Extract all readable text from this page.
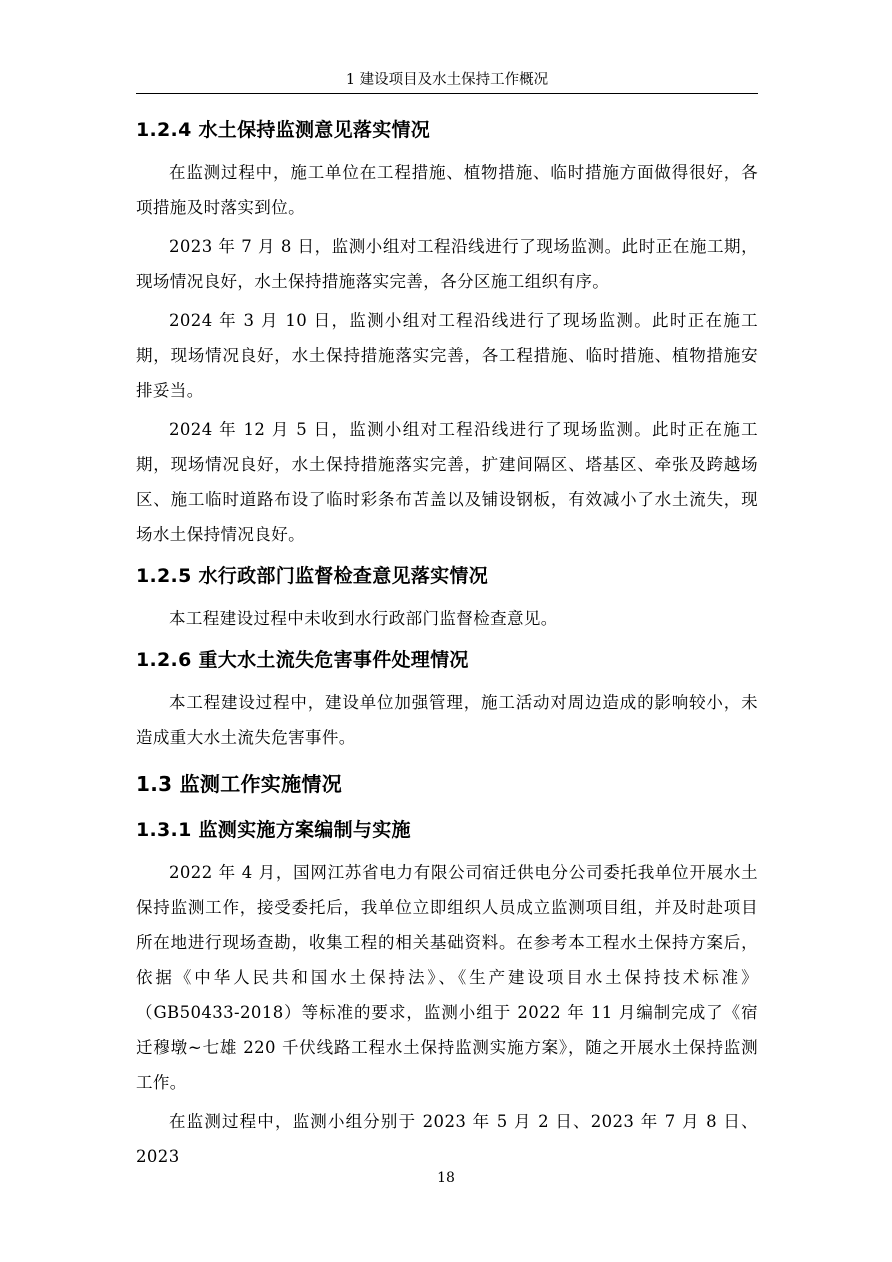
1 建设项目及水土保持工作概况
1.2.4 水土保持监测意见落实情况

在监测过程中，施工单位在工程措施、植物措施、临时措施方面做得很好，各项措施及时落实到位。

2023 年 7 月 8 日，监测小组对工程沿线进行了现场监测。此时正在施工期，现场情况良好，水土保持措施落实完善，各分区施工组织有序。

2024 年 3 月 10 日，监测小组对工程沿线进行了现场监测。此时正在施工期，现场情况良好，水土保持措施落实完善，各工程措施、临时措施、植物措施安排妥当。

2024 年 12 月 5 日，监测小组对工程沿线进行了现场监测。此时正在施工期，现场情况良好，水土保持措施落实完善，扩建间隔区、塔基区、牵张及跨越场区、施工临时道路布设了临时彩条布苫盖以及铺设钢板，有效减小了水土流失，现场水土保持情况良好。

1.2.5 水行政部门监督检查意见落实情况

本工程建设过程中未收到水行政部门监督检查意见。

1.2.6 重大水土流失危害事件处理情况

本工程建设过程中，建设单位加强管理，施工活动对周边造成的影响较小，未造成重大水土流失危害事件。

1.3 监测工作实施情况
1.3.1 监测实施方案编制与实施

2022 年 4 月，国网江苏省电力有限公司宿迁供电分公司委托我单位开展水土保持监测工作，接受委托后，我单位立即组织人员成立监测项目组，并及时赴项目所在地进行现场查勘，收集工程的相关基础资料。在参考本工程水土保持方案后，依据《中华人民共和国水土保持法》、《生产建设项目水土保持技术标准》（GB50433-2018）等标准的要求，监测小组于 2022 年 11 月编制完成了《宿迁穆墩~七雄 220 千伏线路工程水土保持监测实施方案》，随之开展水土保持监测工作。

在监测过程中，监测小组分别于 2023 年 5 月 2 日、2023 年 7 月 8 日、2023

18
